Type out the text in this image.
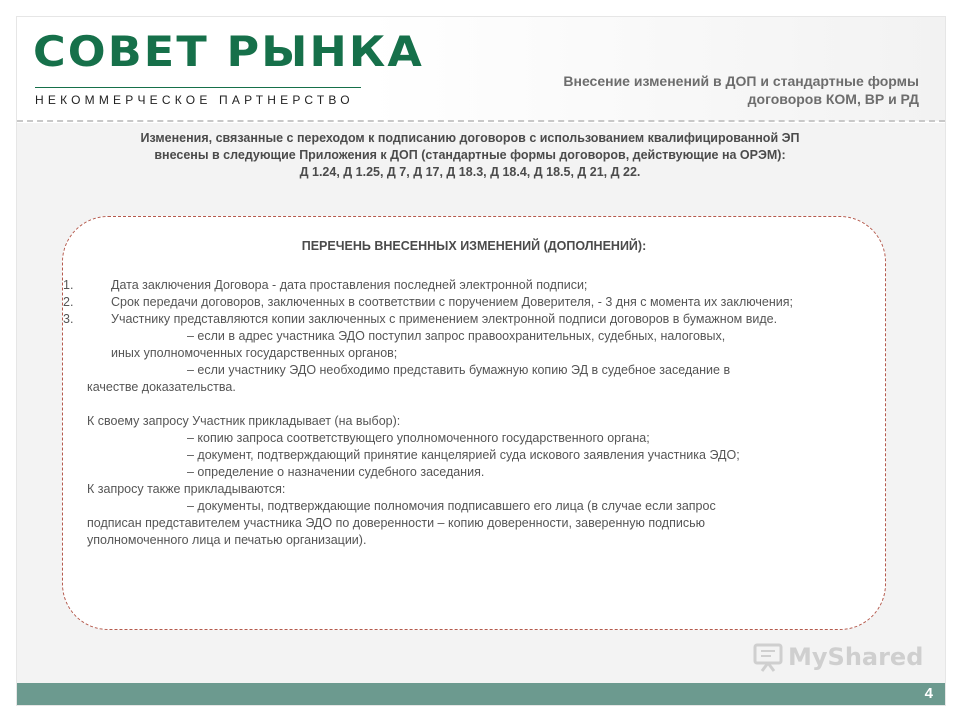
СОВЕТ РЫНКА
НЕКОММЕРЧЕСКОЕ ПАРТНЕРСТВО
Внесение изменений в ДОП и стандартные формы
договоров КОМ, ВР и РД
4
Изменения, связанные с переходом к подписанию договоров с использованием квалифицированной ЭП
внесены в следующие Приложения к ДОП (стандартные формы договоров, действующие на ОРЭМ):
Д 1.24, Д 1.25, Д 7, Д 17, Д 18.3, Д 18.4, Д 18.5, Д 21, Д 22.
ПЕРЕЧЕНЬ ВНЕСЕННЫХ ИЗМЕНЕНИЙ (ДОПОЛНЕНИЙ):
1.	Дата заключения Договора - дата проставления последней электронной подписи;
2.	Срок передачи договоров, заключенных в соответствии с поручением Доверителя, - 3 дня с момента их заключения;
3.	Участнику представляются копии заключенных с применением электронной подписи договоров в бумажном виде.
– если в адрес участника ЭДО поступил запрос правоохранительных, судебных, налоговых,
иных уполномоченных государственных органов;
– если участнику ЭДО необходимо представить бумажную копию ЭД в судебное заседание в
качестве доказательства.
К своему запросу Участник прикладывает (на выбор):
– копию запроса соответствующего уполномоченного государственного органа;
– документ, подтверждающий принятие канцелярией суда искового заявления участника ЭДО;
– определение о назначении судебного заседания.
К запросу также прикладываются:
– документы, подтверждающие полномочия подписавшего его лица (в случае если запрос
подписан представителем участника ЭДО по доверенности – копию доверенности, заверенную подписью
уполномоченного лица и печатью организации).
MyShared
